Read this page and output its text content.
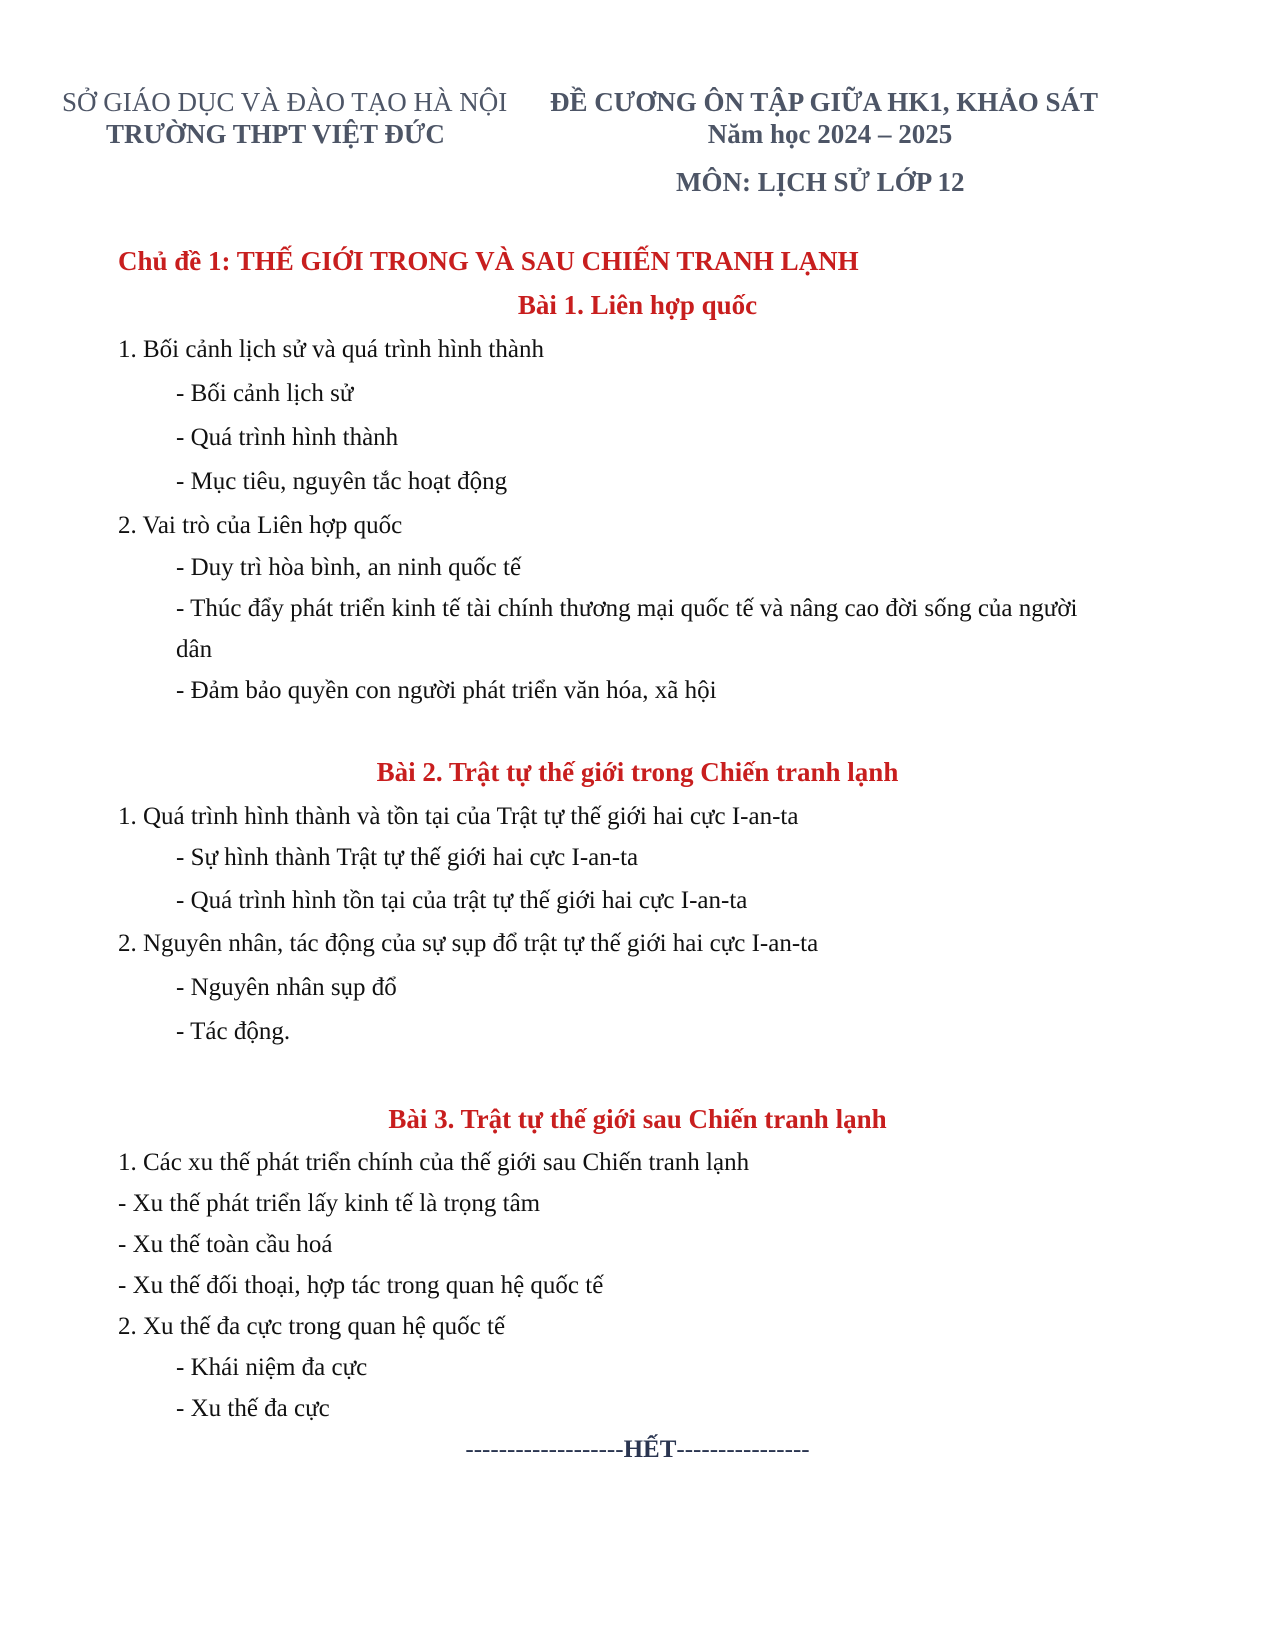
SỞ GIÁO DỤC VÀ ĐÀO TẠO HÀ NỘI
TRƯỜNG THPT VIỆT ĐỨC
ĐỀ CƯƠNG ÔN TẬP GIỮA HK1, KHẢO SÁT
Năm học 2024 – 2025
MÔN: LỊCH SỬ LỚP 12
Chủ đề 1: THẾ GIỚI TRONG VÀ SAU CHIẾN TRANH LẠNH
Bài 1. Liên hợp quốc
1. Bối cảnh lịch sử và quá trình hình thành
- Bối cảnh lịch sử
- Quá trình hình thành
- Mục tiêu, nguyên tắc hoạt động
2. Vai trò của Liên hợp quốc
- Duy trì hòa bình, an ninh quốc tế
- Thúc đẩy phát triển kinh tế tài chính thương mại quốc tế và nâng cao đời sống của người
dân
- Đảm bảo quyền con người phát triển văn hóa, xã hội
Bài 2. Trật tự thế giới trong Chiến tranh lạnh
1. Quá trình hình thành và tồn tại của Trật tự thế giới hai cực I-an-ta
- Sự hình thành Trật tự thế giới hai cực I-an-ta
- Quá trình hình tồn tại của trật tự thế giới hai cực I-an-ta
2. Nguyên nhân, tác động của sự sụp đổ trật tự thế giới hai cực I-an-ta
- Nguyên nhân sụp đổ
- Tác động.
Bài 3. Trật tự thế giới sau Chiến tranh lạnh
1. Các xu thế phát triển chính của thế giới sau Chiến tranh lạnh
- Xu thế phát triển lấy kinh tế là trọng tâm
- Xu thế toàn cầu hoá
- Xu thế đối thoại, hợp tác trong quan hệ quốc tế
2. Xu thế đa cực trong quan hệ quốc tế
- Khái niệm đa cực
- Xu thế đa cực
-------------------HẾT----------------
